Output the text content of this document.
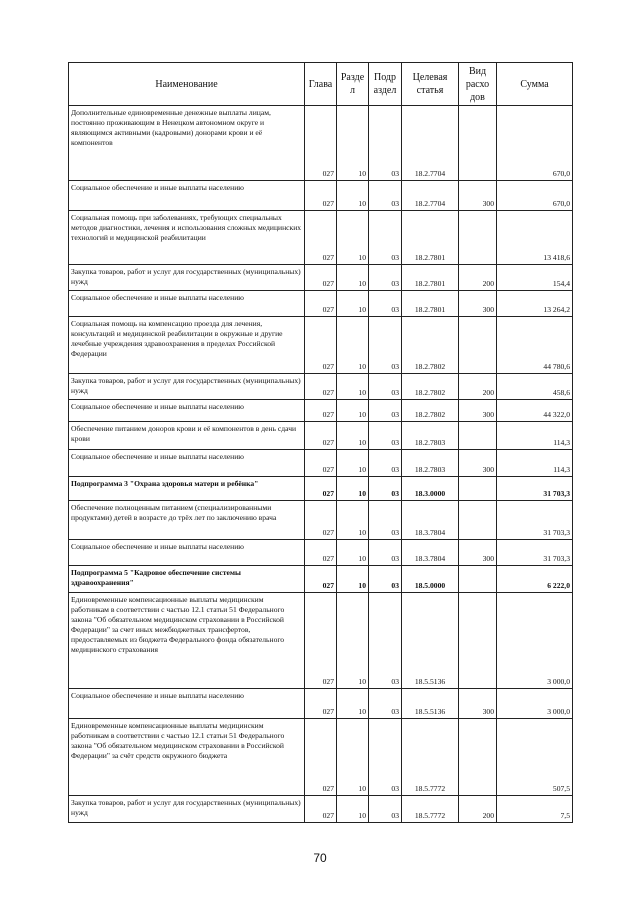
Наименование	Глава	Разде л	Подр аздел	Целевая статья	Вид расхо дов	Сумма
Дополнительные единовременные денежные выплаты лицам, постоянно проживающим в Ненецком автономном округе и являющимся активными (кадровыми) донорами крови и её компонентов	027	10	03	18.2.7704		670,0
Социальное обеспечение и иные выплаты населению	027	10	03	18.2.7704	300	670,0
Социальная помощь при заболеваниях, требующих специальных методов диагностики, лечения и использования сложных медицинских технологий и медицинской реабилитации	027	10	03	18.2.7801		13 418,6
Закупка товаров, работ и услуг для государственных (муниципальных) нужд	027	10	03	18.2.7801	200	154,4
Социальное обеспечение и иные выплаты населению	027	10	03	18.2.7801	300	13 264,2
Социальная помощь на компенсацию проезда для лечения, консультаций и медицинской реабилитации в окружные и другие лечебные учреждения здравоохранения в пределах Российской Федерации	027	10	03	18.2.7802		44 780,6
Закупка товаров, работ и услуг для государственных (муниципальных) нужд	027	10	03	18.2.7802	200	458,6
Социальное обеспечение и иные выплаты населению	027	10	03	18.2.7802	300	44 322,0
Обеспечение питанием доноров крови и её компонентов в день сдачи крови	027	10	03	18.2.7803		114,3
Социальное обеспечение и иные выплаты населению	027	10	03	18.2.7803	300	114,3
Подпрограмма 3 "Охрана здоровья матери и ребёнка"	027	10	03	18.3.0000		31 703,3
Обеспечение полноценным питанием (специализированными продуктами) детей в возрасте до трёх лет по заключению врача	027	10	03	18.3.7804		31 703,3
Социальное обеспечение и иные выплаты населению	027	10	03	18.3.7804	300	31 703,3
Подпрограмма 5 "Кадровое обеспечение системы здравоохранения"	027	10	03	18.5.0000		6 222,0
Единовременные компенсационные выплаты медицинским работникам в соответствии с частью 12.1 статьи 51 Федерального закона "Об обязательном медицинском страховании в Российской Федерации" за счет иных межбюджетных трансфертов, предоставляемых из бюджета Федерального фонда обязательного медицинского страхования	027	10	03	18.5.5136		3 000,0
Социальное обеспечение и иные выплаты населению	027	10	03	18.5.5136	300	3 000,0
Единовременные компенсационные выплаты медицинским работникам в соответствии с частью 12.1 статьи 51 Федерального закона "Об обязательном медицинском страховании в Российской Федерации" за счёт средств окружного бюджета	027	10	03	18.5.7772		507,5
Закупка товаров, работ и услуг для государственных (муниципальных) нужд	027	10	03	18.5.7772	200	7,5
70
